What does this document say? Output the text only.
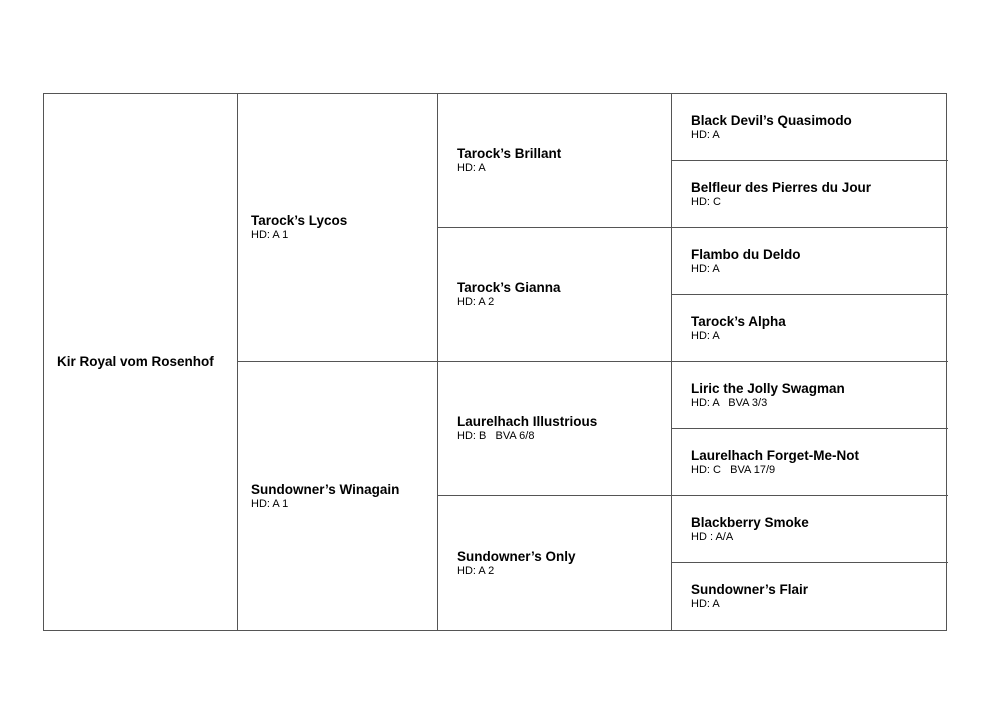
Kir Royal vom Rosenhof
Tarock’s Lycos
HD: A 1
Sundowner’s Winagain
HD: A 1
Tarock’s Brillant
HD: A
Tarock’s Gianna
HD: A 2
Laurelhach Illustrious
HD: B   BVA 6/8
Sundowner’s Only
HD: A 2
Black Devil’s Quasimodo
HD: A
Belfleur des Pierres du Jour
HD: C
Flambo du Deldo
HD: A
Tarock’s Alpha
HD: A
Liric the Jolly Swagman
HD: A   BVA 3/3
Laurelhach Forget-Me-Not
HD: C   BVA 17/9
Blackberry Smoke
HD : A/A
Sundowner’s Flair
HD: A
